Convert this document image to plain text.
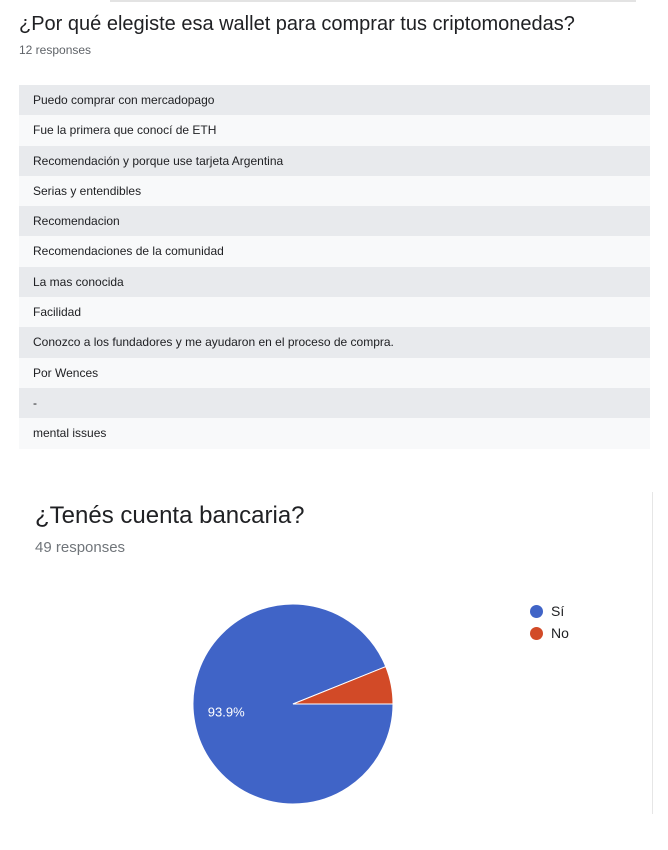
¿Por qué elegiste esa wallet para comprar tus criptomonedas?
12 responses
Puedo comprar con mercadopago
Fue la primera que conocí de ETH
Recomendación y porque use tarjeta Argentina
Serias y entendibles
Recomendacion
Recomendaciones de la comunidad
La mas conocida
Facilidad
Conozco a los fundadores y me ayudaron en el proceso de compra.
Por Wences
-
mental issues
¿Tenés cuenta bancaria?
49 responses
93.9%
Sí
No
